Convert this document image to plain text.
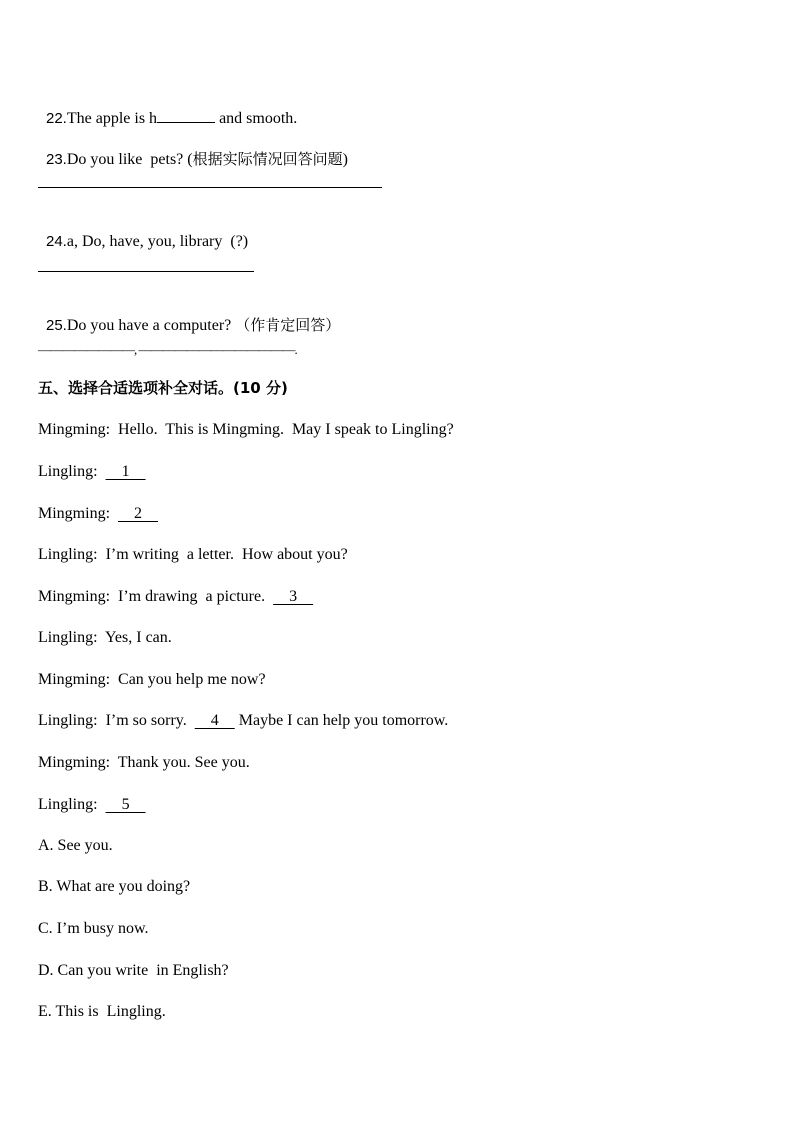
22.The apple is h	and smooth.

23.Do you like  pets? (根据实际情况回答问题)

24.a, Do, have, you, library  (?)

25.Do you have a computer? （作肯定回答）

————————, —————————————.
五、选择合适选项补全对话。(10 分)
Mingming:  Hello.  This is Mingming.  May I speak to Lingling?
Lingling:      1
Mingming:      2
Lingling:  I’m writing  a letter.  How about you?
Mingming:  I’m drawing  a picture.      3
Lingling:  Yes, I can.
Mingming:  Can you help me now?
Lingling:  I’m so sorry.      4     Maybe I can help you tomorrow.
Mingming:  Thank you. See you.
Lingling:      5
A. See you.
B. What are you doing?
C. I’m busy now.
D. Can you write  in English?
E. This is  Lingling.
